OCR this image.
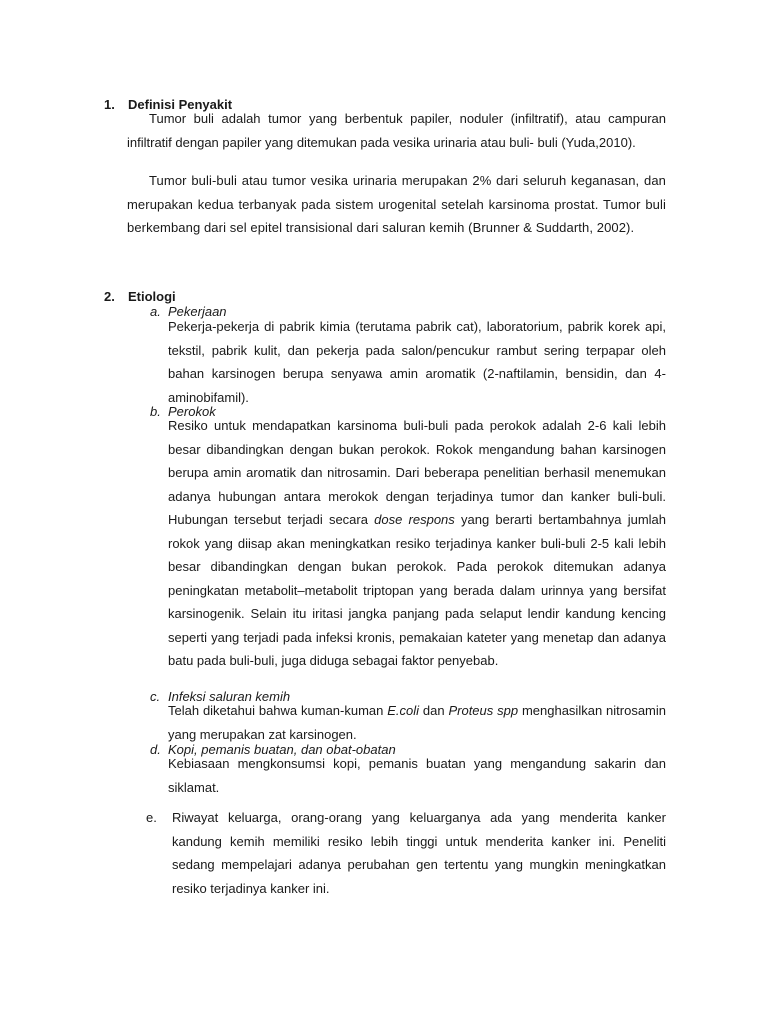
1. Definisi Penyakit

Tumor buli adalah tumor yang berbentuk papiler, noduler (infiltratif), atau campuran infiltratif dengan papiler yang ditemukan pada vesika urinaria atau buli- buli (Yuda,2010).

Tumor buli-buli atau tumor vesika urinaria merupakan 2% dari seluruh keganasan, dan merupakan kedua terbanyak pada sistem urogenital setelah karsinoma prostat. Tumor buli berkembang dari sel epitel transisional dari saluran kemih (Brunner & Suddarth, 2002).

2. Etiologi
a. Pekerjaan

Pekerja-pekerja di pabrik kimia (terutama pabrik cat), laboratorium, pabrik korek api, tekstil, pabrik kulit, dan pekerja pada salon/pencukur rambut sering terpapar oleh bahan karsinogen berupa senyawa amin aromatik (2-naftilamin, bensidin, dan 4-aminobifamil).

b. Perokok

Resiko untuk mendapatkan karsinoma buli-buli pada perokok adalah 2-6 kali lebih besar dibandingkan dengan bukan perokok. Rokok mengandung bahan karsinogen berupa amin aromatik dan nitrosamin. Dari beberapa penelitian berhasil menemukan adanya hubungan antara merokok dengan terjadinya tumor dan kanker buli-buli. Hubungan tersebut terjadi secara dose respons yang berarti bertambahnya jumlah rokok yang diisap akan meningkatkan resiko terjadinya kanker buli-buli 2-5 kali lebih besar dibandingkan dengan bukan perokok. Pada perokok ditemukan adanya peningkatan metabolit–metabolit triptopan yang berada dalam urinnya yang bersifat karsinogenik. Selain itu iritasi jangka panjang pada selaput lendir kandung kencing seperti yang terjadi pada infeksi kronis, pemakaian kateter yang menetap dan adanya batu pada buli-buli, juga diduga sebagai faktor penyebab.

c. Infeksi saluran kemih

Telah diketahui bahwa kuman-kuman E.coli dan Proteus spp menghasilkan nitrosamin yang merupakan zat karsinogen.

d. Kopi, pemanis buatan, dan obat-obatan

Kebiasaan mengkonsumsi kopi, pemanis buatan yang mengandung sakarin dan siklamat.

e. Riwayat keluarga, orang-orang yang keluarganya ada yang menderita kanker kandung kemih memiliki resiko lebih tinggi untuk menderita kanker ini. Peneliti sedang mempelajari adanya perubahan gen tertentu yang mungkin meningkatkan resiko terjadinya kanker ini.
